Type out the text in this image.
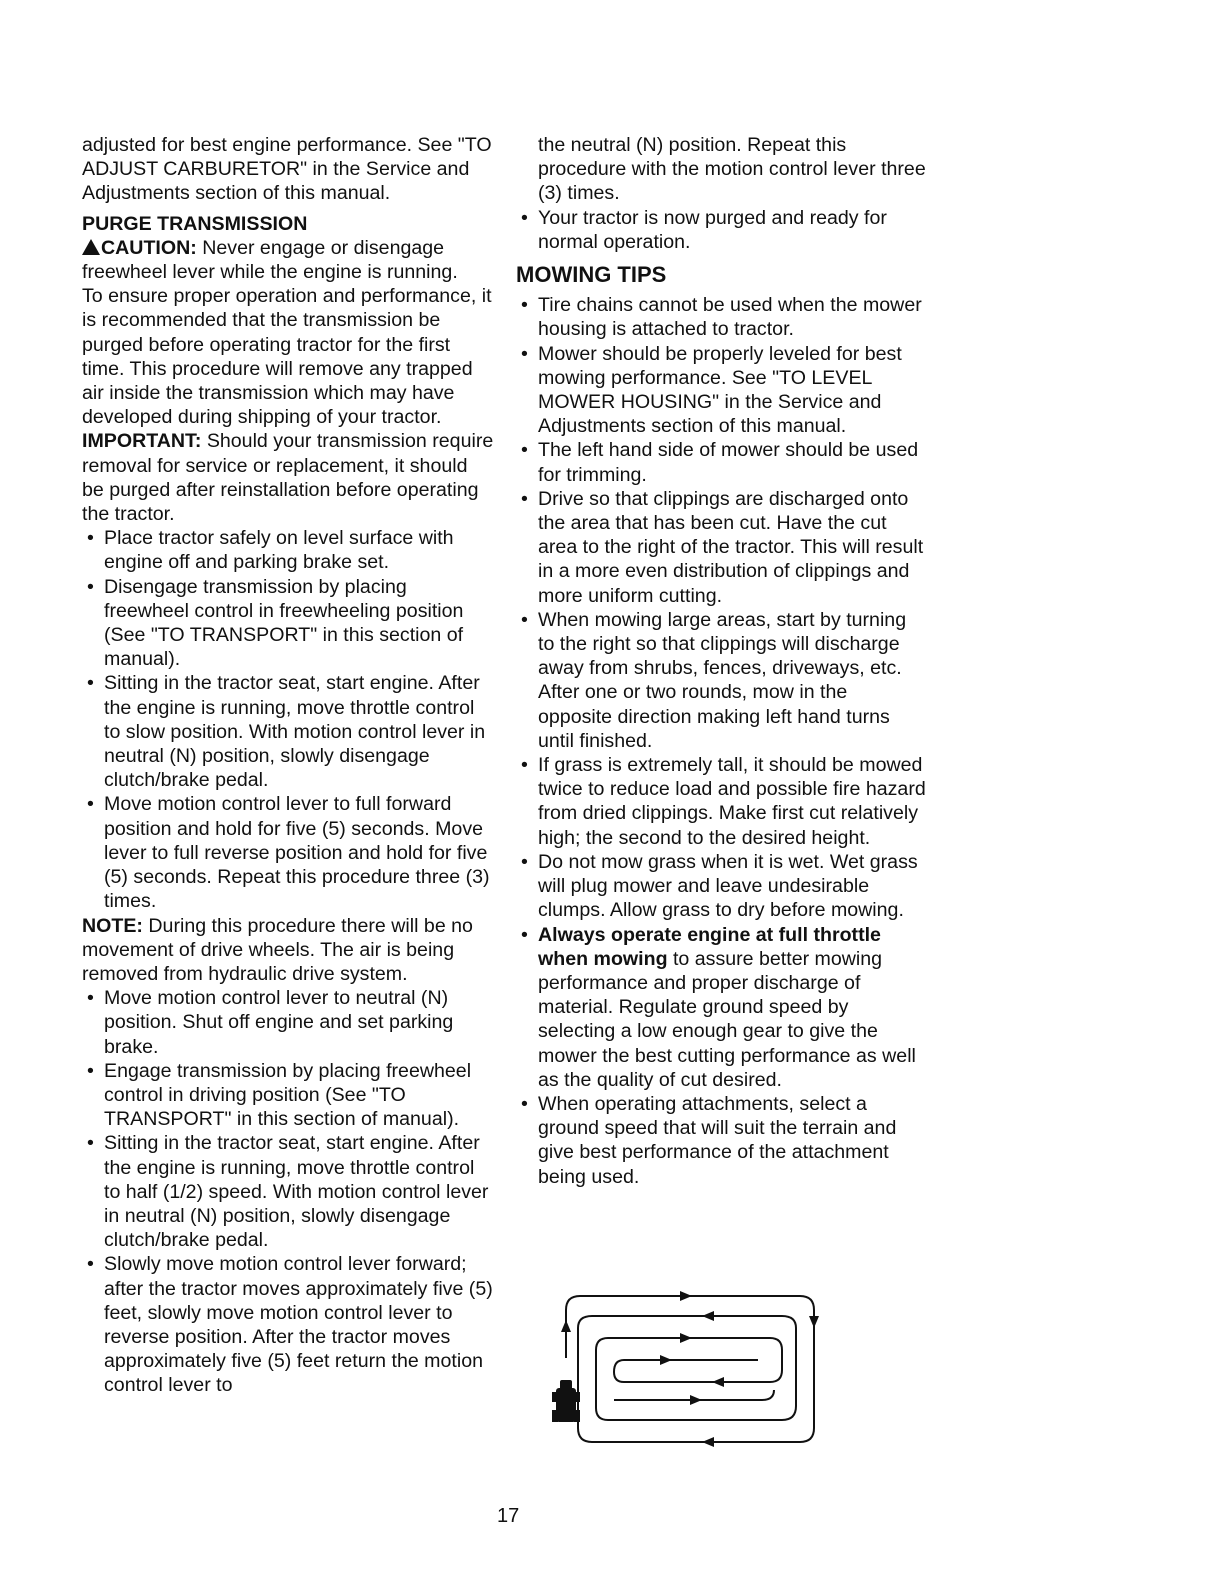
adjusted for best engine performance. See "TO ADJUST CARBURETOR" in the Service and Adjustments section of this manual.

PURGE TRANSMISSION

CAUTION: Never engage or disengage freewheel lever while the engine is running.

To ensure proper operation and performance, it is recommended that the transmission be purged before operating tractor for the first time. This procedure will remove any trapped air inside the transmission which may have developed during shipping of your tractor.

IMPORTANT: Should your transmission require removal for service or replacement, it should be purged after reinstallation before operating the tractor.

• Place tractor safely on level surface with engine off and parking brake set.
• Disengage transmission by placing freewheel control in freewheeling position (See "TO TRANSPORT" in this section of manual).
• Sitting in the tractor seat, start engine. After the engine is running, move throttle control to slow position. With motion control lever in neutral (N) position, slowly disengage clutch/brake pedal.
• Move motion control lever to full forward position and hold for five (5) seconds. Move lever to full reverse position and hold for five (5) seconds. Repeat this procedure three (3) times.

NOTE: During this procedure there will be no movement of drive wheels. The air is being removed from hydraulic drive system.

• Move motion control lever to neutral (N) position. Shut off engine and set parking brake.
• Engage transmission by placing freewheel control in driving position (See "TO TRANSPORT" in this section of manual).
• Sitting in the tractor seat, start engine. After the engine is running, move throttle control to half (1/2) speed. With motion control lever in neutral (N) position, slowly disengage clutch/brake pedal.
• Slowly move motion control lever forward; after the tractor moves approximately five (5) feet, slowly move motion control lever to reverse position. After the tractor moves approximately five (5) feet return the motion control lever to

the neutral (N) position. Repeat this procedure with the motion control lever three (3) times.

• Your tractor is now purged and ready for normal operation.

MOWING TIPS

• Tire chains cannot be used when the mower housing is attached to tractor.
• Mower should be properly leveled for best mowing performance. See "TO LEVEL MOWER HOUSING" in the Service and Adjustments section of this manual.
• The left hand side of mower should be used for trimming.
• Drive so that clippings are discharged onto the area that has been cut. Have the cut area to the right of the tractor. This will result in a more even distribution of clippings and more uniform cutting.
• When mowing large areas, start by turning to the right so that clippings will discharge away from shrubs, fences, driveways, etc. After one or two rounds, mow in the opposite direction making left hand turns until finished.
• If grass is extremely tall, it should be mowed twice to reduce load and possible fire hazard from dried clippings. Make first cut relatively high; the second to the desired height.
• Do not mow grass when it is wet. Wet grass will plug mower and leave undesirable clumps. Allow grass to dry before mowing.
• Always operate engine at full throttle when mowing to assure better mowing performance and proper discharge of material. Regulate ground speed by selecting a low enough gear to give the mower the best cutting performance as well as the quality of cut desired.
• When operating attachments, select a ground speed that will suit the terrain and give best performance of the attachment being used.
17
